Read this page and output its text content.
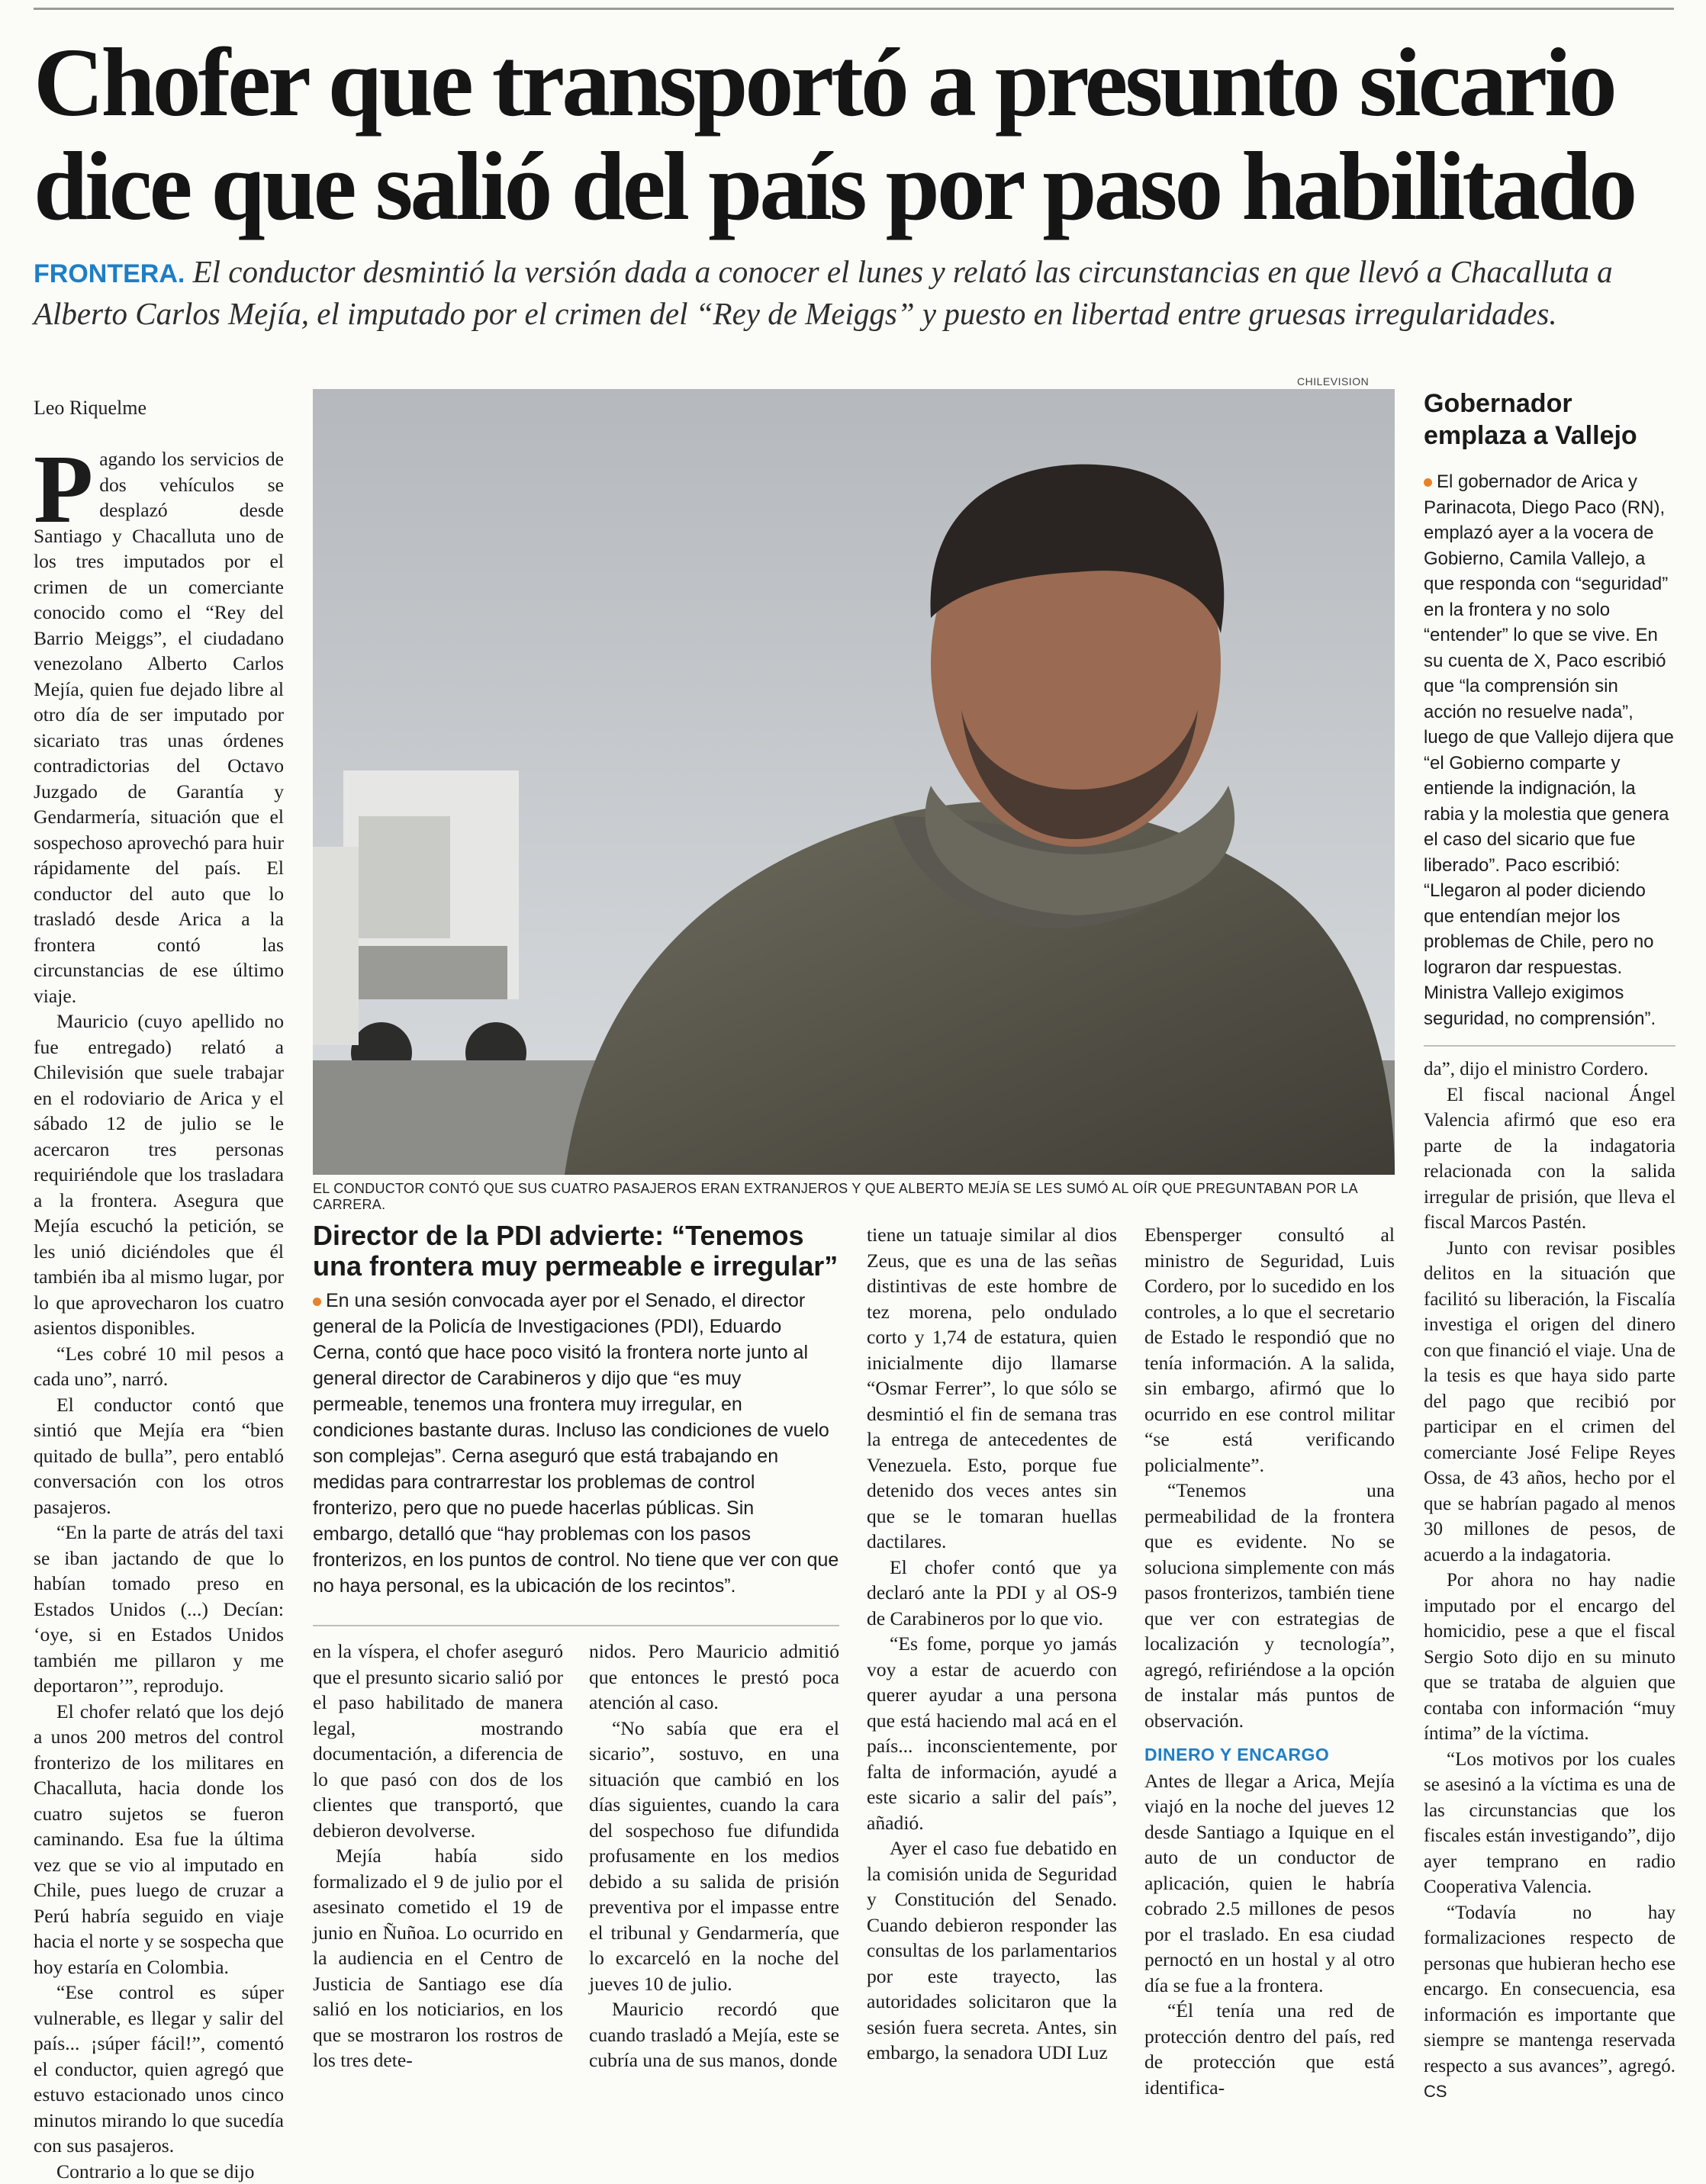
Chofer que transportó a presunto sicario
dice que salió del país por paso habilitado

FRONTERA. El conductor desmintió la versión dada a conocer el lunes y relató las circunstancias en que llevó a Chacalluta a Alberto Carlos Mejía, el imputado por el crimen del “Rey de Meiggs” y puesto en libertad entre gruesas irregularidades.

Leo Riquelme

Pagando los servicios de dos vehículos se desplazó desde Santiago y Chacalluta uno de los tres imputados por el crimen de un comerciante conocido como el “Rey del Barrio Meiggs”, el ciudadano venezolano Alberto Carlos Mejía, quien fue dejado libre al otro día de ser imputado por sicariato tras unas órdenes contradictorias del Octavo Juzgado de Garantía y Gendarmería, situación que el sospechoso aprovechó para huir rápidamente del país. El conductor del auto que lo trasladó desde Arica a la frontera contó las circunstancias de ese último viaje.

Mauricio (cuyo apellido no fue entregado) relató a Chilevisión que suele trabajar en el rodoviario de Arica y el sábado 12 de julio se le acercaron tres personas requiriéndole que los trasladara a la frontera. Asegura que Mejía escuchó la petición, se les unió diciéndoles que él también iba al mismo lugar, por lo que aprovecharon los cuatro asientos disponibles.

“Les cobré 10 mil pesos a cada uno”, narró.

El conductor contó que sintió que Mejía era “bien quitado de bulla”, pero entabló conversación con los otros pasajeros.

“En la parte de atrás del taxi se iban jactando de que lo habían tomado preso en Estados Unidos (...) Decían: ‘oye, si en Estados Unidos también me pillaron y me deportaron’”, reprodujo.

El chofer relató que los dejó a unos 200 metros del control fronterizo de los militares en Chacalluta, hacia donde los cuatro sujetos se fueron caminando. Esa fue la última vez que se vio al imputado en Chile, pues luego de cruzar a Perú habría seguido en viaje hacia el norte y se sospecha que hoy estaría en Colombia.

“Ese control es súper vulnerable, es llegar y salir del país... ¡súper fácil!”, comentó el conductor, quien agregó que estuvo estacionado unos cinco minutos mirando lo que sucedía con sus pasajeros.

Contrario a lo que se dijo

CHILEVISION
EL CONDUCTOR CONTÓ QUE SUS CUATRO PASAJEROS ERAN EXTRANJEROS Y QUE ALBERTO MEJÍA SE LES SUMÓ AL OÍR QUE PREGUNTABAN POR LA CARRERA.
Director de la PDI advierte: “Tenemos una frontera muy permeable e irregular”

En una sesión convocada ayer por el Senado, el director general de la Policía de Investigaciones (PDI), Eduardo Cerna, contó que hace poco visitó la frontera norte junto al general director de Carabineros y dijo que “es muy permeable, tenemos una frontera muy irregular, en condiciones bastante duras. Incluso las condiciones de vuelo son complejas”. Cerna aseguró que está trabajando en medidas para contrarrestar los problemas de control fronterizo, pero que no puede hacerlas públicas. Sin embargo, detalló que “hay problemas con los pasos fronterizos, en los puntos de control. No tiene que ver con que no haya personal, es la ubicación de los recintos”.

en la víspera, el chofer aseguró que el presunto sicario salió por el paso habilitado de manera legal, mostrando documentación, a diferencia de lo que pasó con dos de los clientes que transportó, que debieron devolverse.

Mejía había sido formalizado el 9 de julio por el asesinato cometido el 19 de junio en Ñuñoa. Lo ocurrido en la audiencia en el Centro de Justicia de Santiago ese día salió en los noticiarios, en los que se mostraron los rostros de los tres dete-

nidos. Pero Mauricio admitió que entonces le prestó poca atención al caso.

“No sabía que era el sicario”, sostuvo, en una situación que cambió en los días siguientes, cuando la cara del sospechoso fue difundida profusamente en los medios debido a su salida de prisión preventiva por el impasse entre el tribunal y Gendarmería, que lo excarceló en la noche del jueves 10 de julio.

Mauricio recordó que cuando trasladó a Mejía, este se cubría una de sus manos, donde

tiene un tatuaje similar al dios Zeus, que es una de las señas distintivas de este hombre de tez morena, pelo ondulado corto y 1,74 de estatura, quien inicialmente dijo llamarse “Osmar Ferrer”, lo que sólo se desmintió el fin de semana tras la entrega de antecedentes de Venezuela. Esto, porque fue detenido dos veces antes sin que se le tomaran huellas dactilares.

El chofer contó que ya declaró ante la PDI y al OS-9 de Carabineros por lo que vio.

“Es fome, porque yo jamás voy a estar de acuerdo con querer ayudar a una persona que está haciendo mal acá en el país... inconscientemente, por falta de información, ayudé a este sicario a salir del país”, añadió.

Ayer el caso fue debatido en la comisión unida de Seguridad y Constitución del Senado. Cuando debieron responder las consultas de los parlamentarios por este trayecto, las autoridades solicitaron que la sesión fuera secreta. Antes, sin embargo, la senadora UDI Luz

Ebensperger consultó al ministro de Seguridad, Luis Cordero, por lo sucedido en los controles, a lo que el secretario de Estado le respondió que no tenía información. A la salida, sin embargo, afirmó que lo ocurrido en ese control militar “se está verificando policialmente”.

“Tenemos una permeabilidad de la frontera que es evidente. No se soluciona simplemente con más pasos fronterizos, también tiene que ver con estrategias de localización y tecnología”, agregó, refiriéndose a la opción de instalar más puntos de observación.

DINERO Y ENCARGO

Antes de llegar a Arica, Mejía viajó en la noche del jueves 12 desde Santiago a Iquique en el auto de un conductor de aplicación, quien le habría cobrado 2.5 millones de pesos por el traslado. En esa ciudad pernoctó en un hostal y al otro día se fue a la frontera.

“Él tenía una red de protección dentro del país, red de protección que está identifica-

Gobernador emplaza a Vallejo

El gobernador de Arica y Parinacota, Diego Paco (RN), emplazó ayer a la vocera de Gobierno, Camila Vallejo, a que responda con “seguridad” en la frontera y no solo “entender” lo que se vive. En su cuenta de X, Paco escribió que “la comprensión sin acción no resuelve nada”, luego de que Vallejo dijera que “el Gobierno comparte y entiende la indignación, la rabia y la molestia que genera el caso del sicario que fue liberado”. Paco escribió: “Llegaron al poder diciendo que entendían mejor los problemas de Chile, pero no lograron dar respuestas. Ministra Vallejo exigimos seguridad, no comprensión”.

da”, dijo el ministro Cordero.

El fiscal nacional Ángel Valencia afirmó que eso era parte de la indagatoria relacionada con la salida irregular de prisión, que lleva el fiscal Marcos Pastén.

Junto con revisar posibles delitos en la situación que facilitó su liberación, la Fiscalía investiga el origen del dinero con que financió el viaje. Una de la tesis es que haya sido parte del pago que recibió por participar en el crimen del comerciante José Felipe Reyes Ossa, de 43 años, hecho por el que se habrían pagado al menos 30 millones de pesos, de acuerdo a la indagatoria.

Por ahora no hay nadie imputado por el encargo del homicidio, pese a que el fiscal Sergio Soto dijo en su minuto que se trataba de alguien que contaba con información “muy íntima” de la víctima.

“Los motivos por los cuales se asesinó a la víctima es una de las circunstancias que los fiscales están investigando”, dijo ayer temprano en radio Cooperativa Valencia.

“Todavía no hay formalizaciones respecto de personas que hubieran hecho ese encargo. En consecuencia, esa información es importante que siempre se mantenga reservada respecto a sus avances”, agregó. CS
